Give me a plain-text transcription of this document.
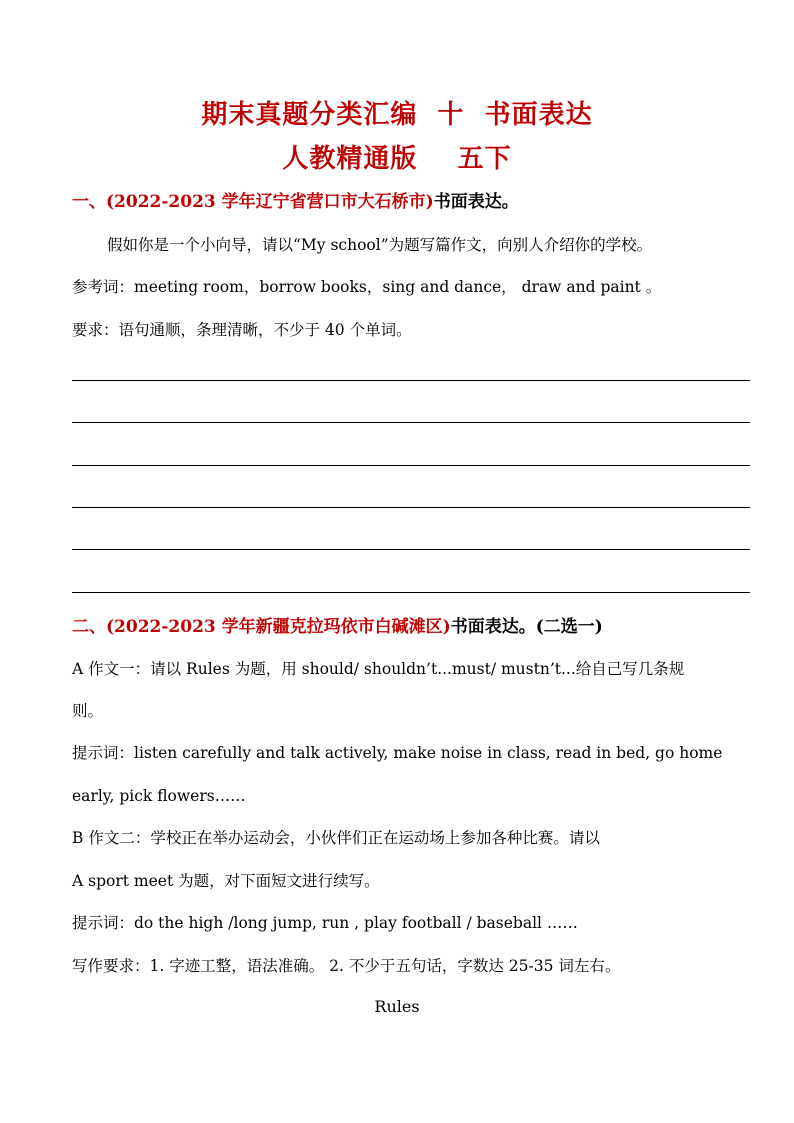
期末真题分类汇编  十  书面表达
人教精通版    五下
一、(2022-2023 学年辽宁省营口市大石桥市)书面表达。
假如你是一个小向导，请以“My school”为题写篇作文，向别人介绍你的学校。
参考词：meeting room，borrow books，sing and dance， draw and paint 。
要求：语句通顺，条理清晰，不少于 40 个单词。
二、(2022-2023 学年新疆克拉玛依市白碱滩区)书面表达。(二选一)
A 作文一：请以 Rules 为题，用 should/ shouldn’t...must/ mustn’t...给自己写几条规
则。
提示词：listen carefully and talk actively, make noise in class, read in bed, go home
early, pick flowers……
B 作文二：学校正在举办运动会，小伙伴们正在运动场上参加各种比赛。请以
A sport meet 为题，对下面短文进行续写。
提示词：do the high /long jump, run , play football / baseball ……
写作要求：1. 字迹工整，语法准确。 2. 不少于五句话，字数达 25-35 词左右。
Rules
